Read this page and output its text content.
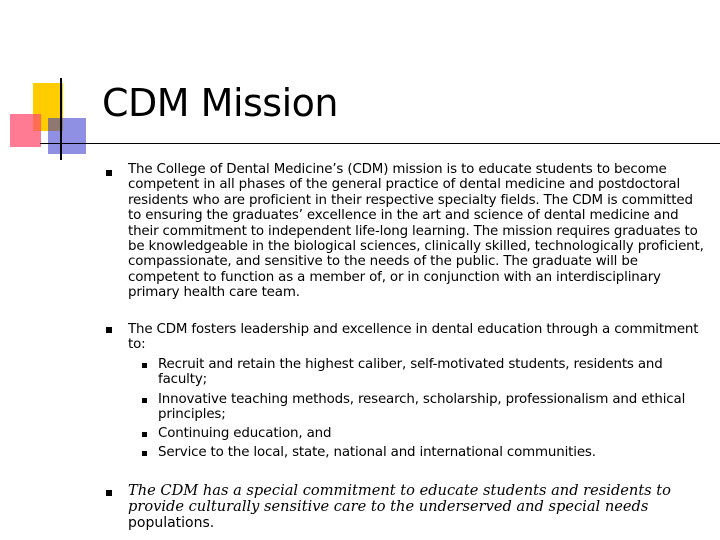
CDM Mission

The College of Dental Medicine’s (CDM) mission is to educate students to become competent in all phases of the general practice of dental medicine and postdoctoral residents who are proficient in their respective specialty fields. The CDM is committed to ensuring the graduates’ excellence in the art and science of dental medicine and their commitment to independent life-long learning. The mission requires graduates to be knowledgeable in the biological sciences, clinically skilled, technologically proficient, compassionate, and sensitive to the needs of the public. The graduate will be competent to function as a member of, or in conjunction with an interdisciplinary primary health care team.

The CDM fosters leadership and excellence in dental education through a commitment to:

Recruit and retain the highest caliber, self-motivated students, residents and faculty;

Innovative teaching methods, research, scholarship, professionalism and ethical principles;

Continuing education, and

Service to the local, state, national and international communities.

The CDM has a special commitment to educate students and residents to provide culturally sensitive care to the underserved and special needs populations.
